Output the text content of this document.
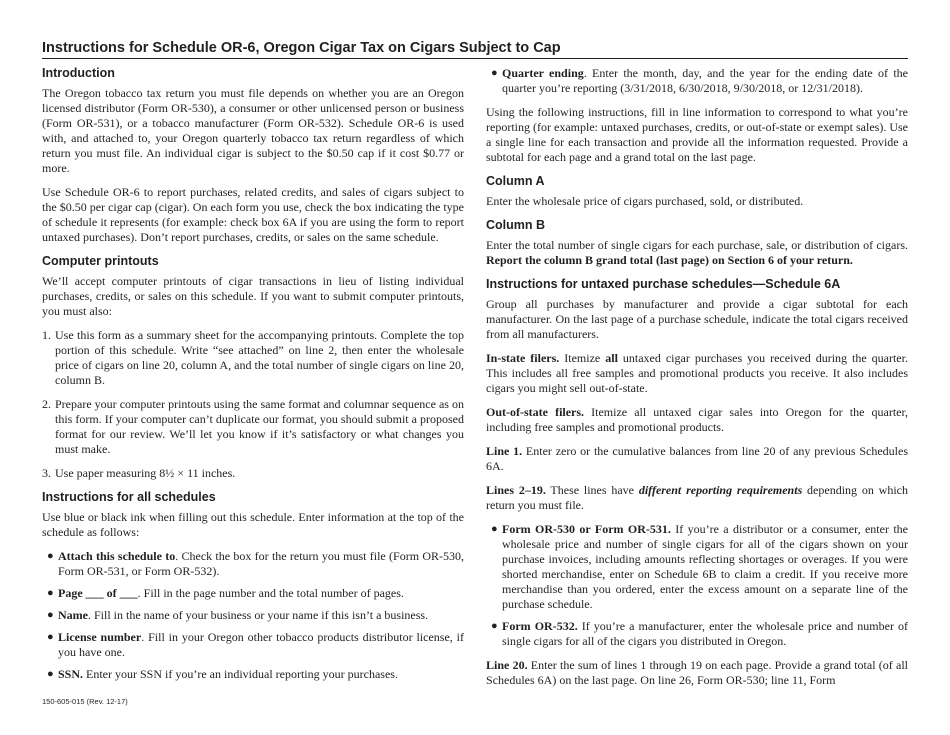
Instructions for Schedule OR-6, Oregon Cigar Tax on Cigars Subject to Cap
Introduction

The Oregon tobacco tax return you must file depends on whether you are an Oregon licensed distributor (Form OR-530), a consumer or other unlicensed person or business (Form OR-531), or a tobacco manufacturer (Form OR-532). Schedule OR-6 is used with, and attached to, your Oregon quarterly tobacco tax return regardless of which return you must file. An individual cigar is subject to the $0.50 cap if it cost $0.77 or more.

Use Schedule OR-6 to report purchases, related credits, and sales of cigars subject to the $0.50 per cigar cap (cigar). On each form you use, check the box indicating the type of schedule it represents (for example: check box 6A if you are using the form to report untaxed purchases). Don’t report purchases, credits, or sales on the same schedule.

Computer printouts

We’ll accept computer printouts of cigar transactions in lieu of listing individual purchases, credits, or sales on this schedule. If you want to submit computer printouts, you must also:

1. Use this form as a summary sheet for the accompanying printouts. Complete the top portion of this schedule. Write “see attached” on line 2, then enter the wholesale price of cigars on line 20, column A, and the total number of single cigars on line 20, column B.
2. Prepare your computer printouts using the same format and columnar sequence as on this form. If your computer can’t duplicate our format, you should submit a proposed format for our review. We’ll let you know if it’s satisfactory or what changes you must make.
3. Use paper measuring 8½ × 11 inches.
Instructions for all schedules

Use blue or black ink when filling out this schedule. Enter information at the top of the schedule as follows:

● Attach this schedule to. Check the box for the return you must file (Form OR-530, Form OR-531, or Form OR-532).
● Page ___ of ___. Fill in the page number and the total number of pages.
● Name. Fill in the name of your business or your name if this isn’t a business.
● License number. Fill in your Oregon other tobacco products distributor license, if you have one.
● SSN. Enter your SSN if you’re an individual reporting your purchases.
● Quarter ending. Enter the month, day, and the year for the ending date of the quarter you’re reporting (3/31/2018, 6/30/2018, 9/30/2018, or 12/31/2018).

Using the following instructions, fill in line information to correspond to what you’re reporting (for example: untaxed purchases, credits, or out-of-state or exempt sales). Use a single line for each transaction and provide all the information requested. Provide a subtotal for each page and a grand total on the last page.

Column A

Enter the wholesale price of cigars purchased, sold, or distributed.

Column B

Enter the total number of single cigars for each purchase, sale, or distribution of cigars. Report the column B grand total (last page) on Section 6 of your return.

Instructions for untaxed purchase schedules—Schedule 6A

Group all purchases by manufacturer and provide a cigar subtotal for each manufacturer. On the last page of a purchase schedule, indicate the total cigars received from all manufacturers.

In-state filers. Itemize all untaxed cigar purchases you received during the quarter. This includes all free samples and promotional products you receive. It also includes cigars you might sell out-of-state.

Out-of-state filers. Itemize all untaxed cigar sales into Oregon for the quarter, including free samples and promotional products.

Line 1. Enter zero or the cumulative balances from line 20 of any previous Schedules 6A.

Lines 2–19. These lines have different reporting requirements depending on which return you must file.

● Form OR-530 or Form OR-531. If you’re a distributor or a consumer, enter the wholesale price and number of single cigars for all of the cigars shown on your purchase invoices, including amounts reflecting shortages or overages. If you were shorted merchandise, enter on Schedule 6B to claim a credit. If you receive more merchandise than you ordered, enter the excess amount on a separate line of the purchase schedule.
● Form OR-532. If you’re a manufacturer, enter the wholesale price and number of single cigars for all of the cigars you distributed in Oregon.

Line 20. Enter the sum of lines 1 through 19 on each page. Provide a grand total (of all Schedules 6A) on the last page. On line 26, Form OR-530; line 11, Form

150-605-015 (Rev. 12-17)
